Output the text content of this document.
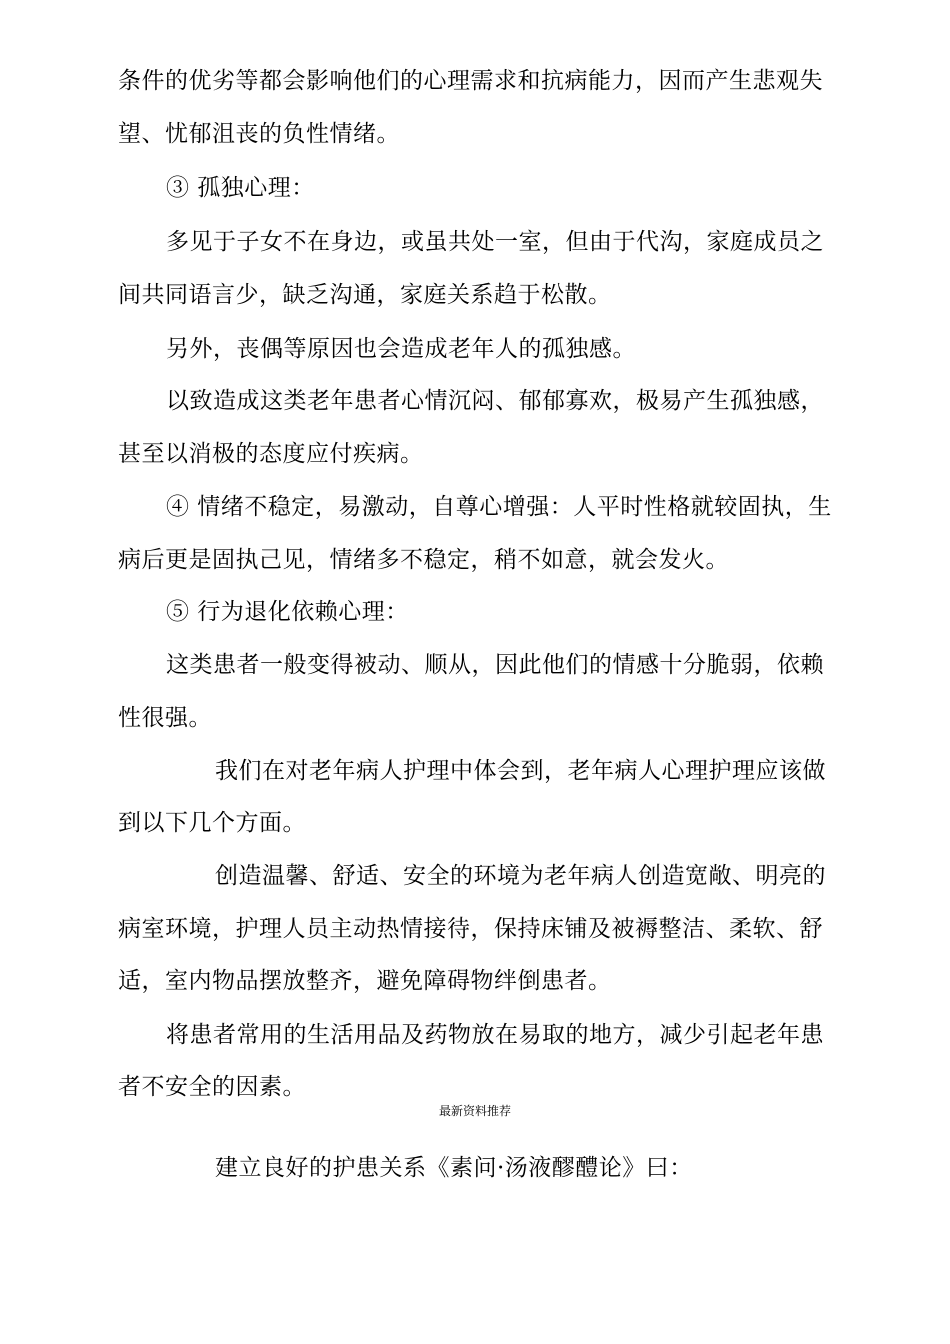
条件的优劣等都会影响他们的心理需求和抗病能力，因而产生悲观失
望、忧郁沮丧的负性情绪。
③ 孤独心理：
多见于子女不在身边，或虽共处一室，但由于代沟，家庭成员之
间共同语言少，缺乏沟通，家庭关系趋于松散。
另外，丧偶等原因也会造成老年人的孤独感。
以致造成这类老年患者心情沉闷、郁郁寡欢，极易产生孤独感，
甚至以消极的态度应付疾病。
④ 情绪不稳定，易激动，自尊心增强：人平时性格就较固执，生
病后更是固执己见，情绪多不稳定，稍不如意，就会发火。
⑤ 行为退化依赖心理：
这类患者一般变得被动、顺从，因此他们的情感十分脆弱，依赖
性很强。
我们在对老年病人护理中体会到，老年病人心理护理应该做
到以下几个方面。
创造温馨、舒适、安全的环境为老年病人创造宽敞、明亮的
病室环境，护理人员主动热情接待，保持床铺及被褥整洁、柔软、舒
适，室内物品摆放整齐，避免障碍物绊倒患者。
将患者常用的生活用品及药物放在易取的地方，减少引起老年患
者不安全的因素。
最新资料推荐
建立良好的护患关系《素问·汤液醪醴论》曰：
